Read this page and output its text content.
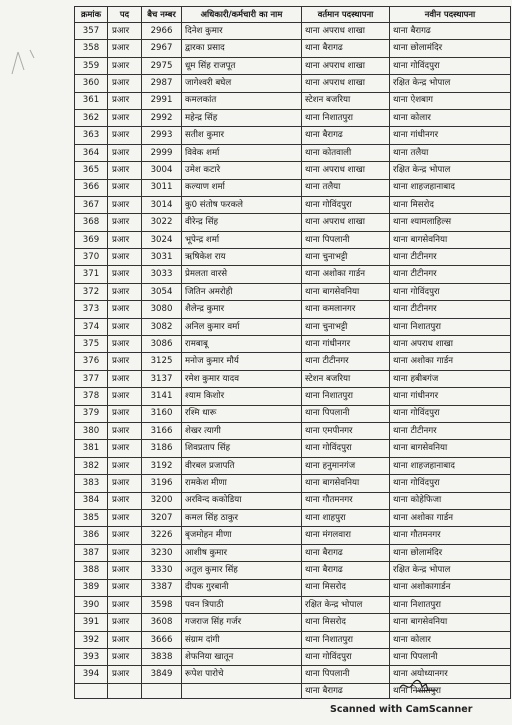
क्रमांक	पद	बैच नम्बर	अधिकारी/कर्मचारी का नाम	वर्तमान पदस्थापना	नवीन पदस्थापना
357	प्रआर	2966	दिनेश कुमार	थाना अपराध शाखा	थाना बैरागढ
358	प्रआर	2967	द्वारका प्रसाद	थाना बैरागढ	थाना छोलामंदिर
359	प्रआर	2975	धूम सिंह राजपूत	थाना अपराध शाखा	थाना गोविंदपुरा
360	प्रआर	2987	जागेश्वरी बघेल	थाना अपराध शाखा	रक्षित केन्द्र भोपाल
361	प्रआर	2991	कमलकांत	स्टेशन बजरिया	थाना ऐशबाग
362	प्रआर	2992	महेन्द्र सिंह	थाना निशातपुरा	थाना कोलार
363	प्रआर	2993	सतीश कुमार	थाना बैरागढ	थाना गांधीनगर
364	प्रआर	2999	विवेक शर्मा	थाना कोतवाली	थाना तलैया
365	प्रआर	3004	उमेश कटारे	थाना अपराध शाखा	रक्षित केन्द्र भोपाल
366	प्रआर	3011	कल्याण शर्मा	थाना तलैया	थाना शाहजहानाबाद
367	प्रआर	3014	कु0 संतोष फरकले	थाना गोविंदपुरा	थाना मिसरोद
368	प्रआर	3022	वीरेन्द्र सिंह	थाना अपराध शाखा	थाना श्यामलाहिल्स
369	प्रआर	3024	भूपेन्द्र शर्मा	थाना पिपलानी	थाना बागसेवनिया
370	प्रआर	3031	ऋषिकेश राय	थाना चुनाभट्टी	थाना टीटीनगर
371	प्रआर	3033	प्रेमलता वारसे	थाना अशोका गार्डन	थाना टीटीनगर
372	प्रआर	3054	जितिन अमरोही	थाना बागसेवनिया	थाना गोविंदपुरा
373	प्रआर	3080	शैलेन्द्र कुमार	थाना कमलानगर	थाना टीटीनगर
374	प्रआर	3082	अनिल कुमार वर्मा	थाना चुनाभट्टी	थाना निशातपुरा
375	प्रआर	3086	रामबाबू	थाना गांधीनगर	थाना अपराध शाखा
376	प्रआर	3125	मनोज कुमार मौर्य	थाना टीटीनगर	थाना अशोका गार्डन
377	प्रआर	3137	रमेश कुमार यादव	स्टेशन बजरिया	थाना हबीबगंज
378	प्रआर	3141	श्याम किशोर	थाना निशातपुरा	थाना गांधीनगर
379	प्रआर	3160	रश्मि धारू	थाना पिपलानी	थाना गोविंदपुरा
380	प्रआर	3166	शेखर त्यागी	थाना एमपीनगर	थाना टीटीनगर
381	प्रआर	3186	शिवप्रताप सिंह	थाना गोविंदपुरा	थाना बागसेवनिया
382	प्रआर	3192	वीरबल प्रजापति	थाना हनुमानगंज	थाना शाहजहानाबाद
383	प्रआर	3196	रामकेश मीणा	थाना बागसेवनिया	थाना गोविंदपुरा
384	प्रआर	3200	अरविन्द ककोडिया	थाना गौतमनगर	थाना कोहेफिजा
385	प्रआर	3207	कमल सिंह ठाकुर	थाना शाहपुरा	थाना अशोका गार्डन
386	प्रआर	3226	बृजमोहन मीणा	थाना मंगलवारा	थाना गौतमनगर
387	प्रआर	3230	आशीष कुमार	थाना बैरागढ	थाना छोलामंदिर
388	प्रआर	3330	अतुल कुमार सिंह	थाना बैरागढ	रक्षित केन्द्र भोपाल
389	प्रआर	3387	दीपक गुरबानी	थाना मिसरोद	थाना अशोकागार्डन
390	प्रआर	3598	पवन त्रिपाठी	रक्षित केन्द्र भोपाल	थाना निशातपुरा
391	प्रआर	3608	गजराज सिंह गर्जर	थाना मिसरोद	थाना बागसेवनिया
392	प्रआर	3666	संग्राम दांगी	थाना निशातपुरा	थाना कोलार
393	प्रआर	3838	शेफनिया खातून	थाना गोविंदपुरा	थाना पिपलानी
394	प्रआर	3849	रूपेश पारोचे	थाना पिपलानी	थाना अयोध्यानगर
				थाना बैरागढ	थाना निशातपुरा
Scanned with CamScanner
